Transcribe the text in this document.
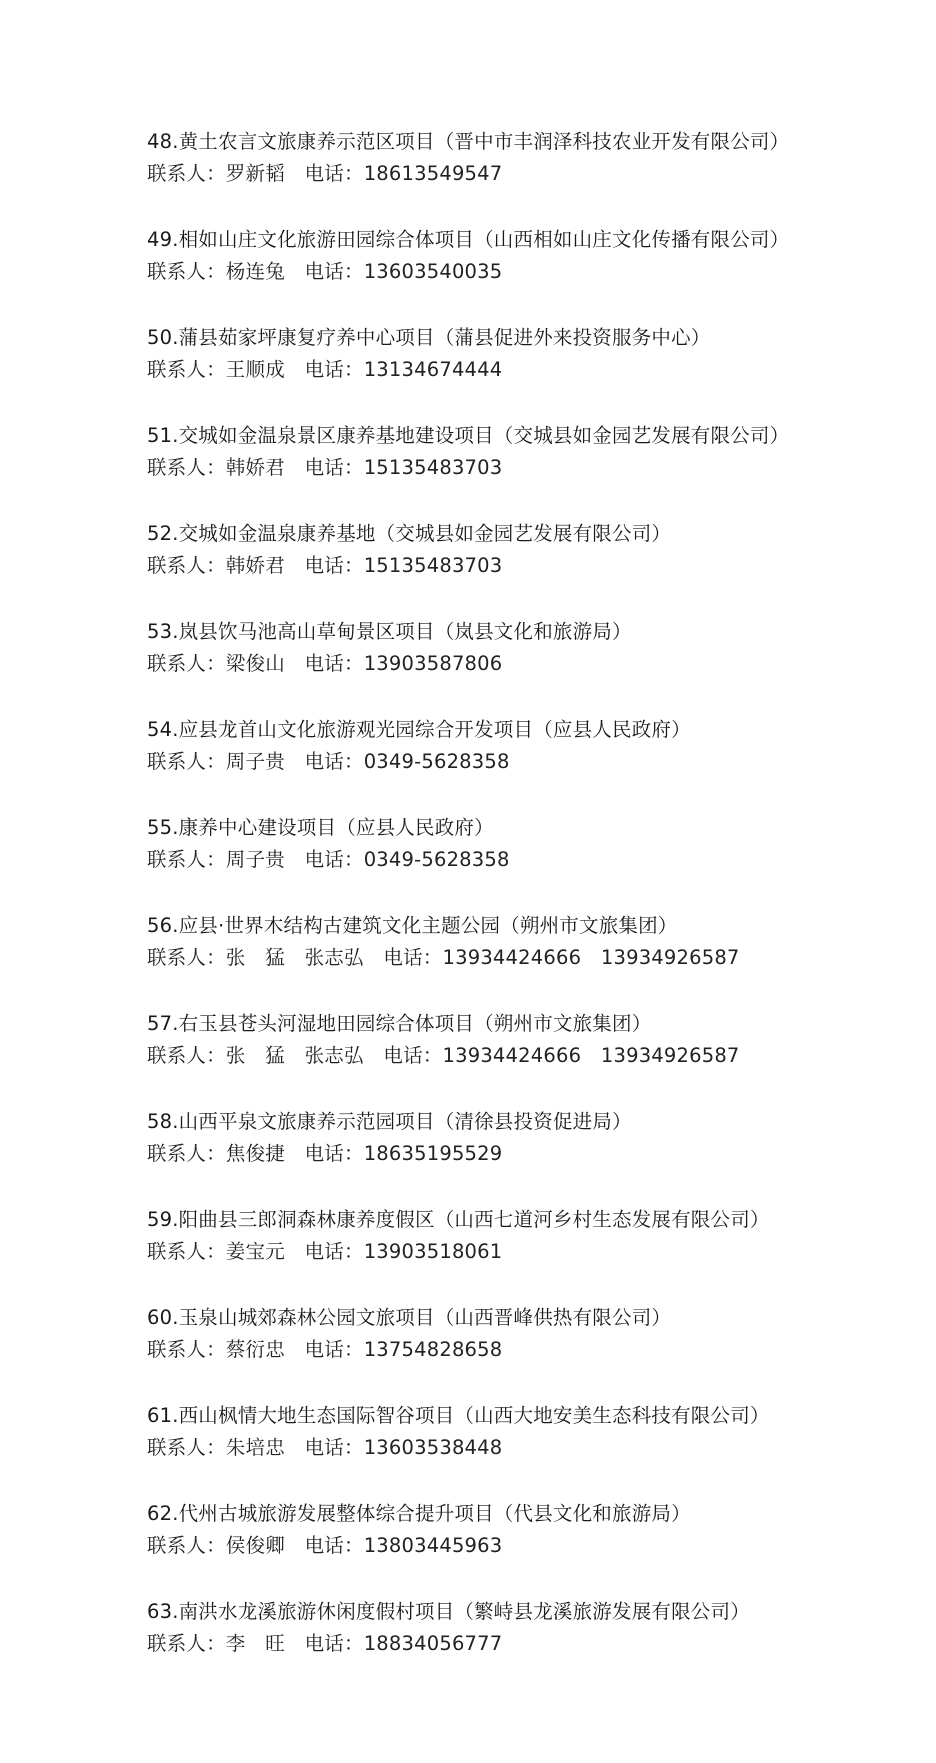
48.黄土农言文旅康养示范区项目（晋中市丰润泽科技农业开发有限公司）
联系人：罗新韬　电话：18613549547
49.相如山庄文化旅游田园综合体项目（山西相如山庄文化传播有限公司）
联系人：杨连兔　电话：13603540035
50.蒲县茹家坪康复疗养中心项目（蒲县促进外来投资服务中心）
联系人：王顺成　电话：13134674444
51.交城如金温泉景区康养基地建设项目（交城县如金园艺发展有限公司）
联系人：韩娇君　电话：15135483703
52.交城如金温泉康养基地（交城县如金园艺发展有限公司）
联系人：韩娇君　电话：15135483703
53.岚县饮马池高山草甸景区项目（岚县文化和旅游局）
联系人：梁俊山　电话：13903587806
54.应县龙首山文化旅游观光园综合开发项目（应县人民政府）
联系人：周子贵　电话：0349-5628358
55.康养中心建设项目（应县人民政府）
联系人：周子贵　电话：0349-5628358
56.应县·世界木结构古建筑文化主题公园（朔州市文旅集团）
联系人：张　猛　张志弘　电话：13934424666　13934926587
57.右玉县苍头河湿地田园综合体项目（朔州市文旅集团）
联系人：张　猛　张志弘　电话：13934424666　13934926587
58.山西平泉文旅康养示范园项目（清徐县投资促进局）
联系人：焦俊捷　电话：18635195529
59.阳曲县三郎洞森林康养度假区（山西七道河乡村生态发展有限公司）
联系人：姜宝元　电话：13903518061
60.玉泉山城郊森林公园文旅项目（山西晋峰供热有限公司）
联系人：蔡衍忠　电话：13754828658
61.西山枫情大地生态国际智谷项目（山西大地安美生态科技有限公司）
联系人：朱培忠　电话：13603538448
62.代州古城旅游发展整体综合提升项目（代县文化和旅游局）
联系人：侯俊卿　电话：13803445963
63.南洪水龙溪旅游休闲度假村项目（繁峙县龙溪旅游发展有限公司）
联系人：李　旺　电话：18834056777
